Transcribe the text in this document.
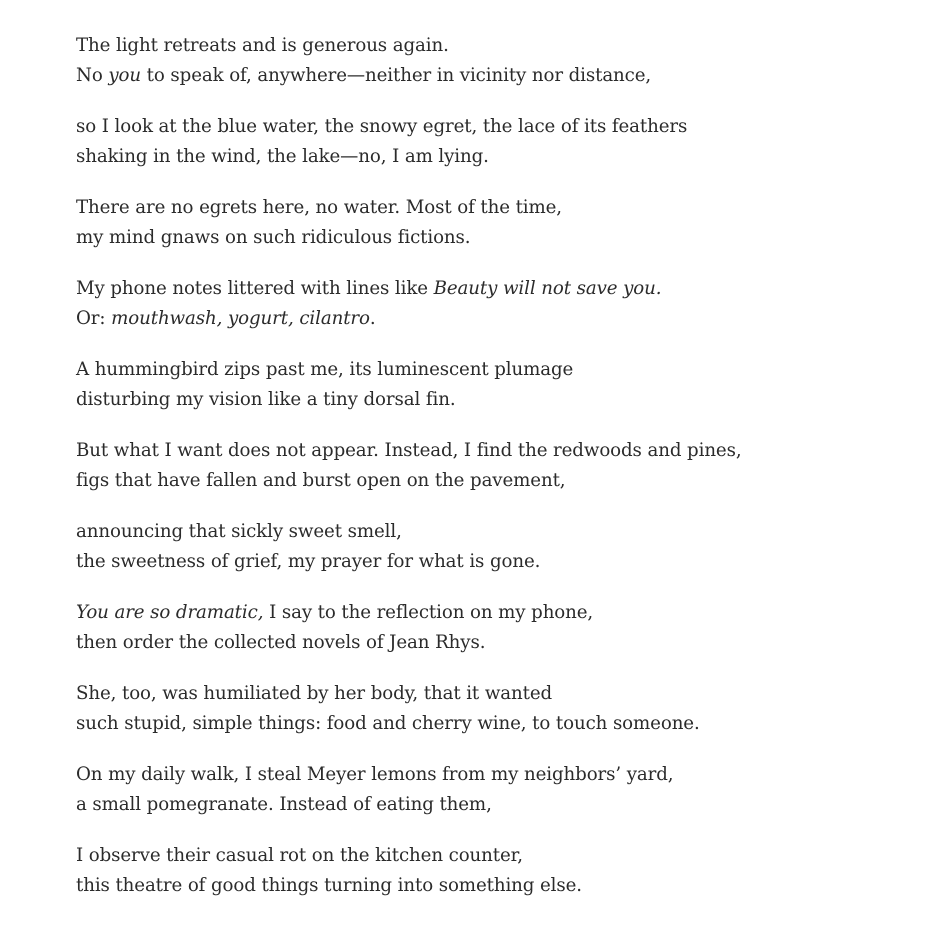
The light retreats and is generous again.
No you to speak of, anywhere—neither in vicinity nor distance,
so I look at the blue water, the snowy egret, the lace of its feathers
shaking in the wind, the lake—no, I am lying.
There are no egrets here, no water. Most of the time,
my mind gnaws on such ridiculous fictions.
My phone notes littered with lines like Beauty will not save you.
Or: mouthwash, yogurt, cilantro.
A hummingbird zips past me, its luminescent plumage
disturbing my vision like a tiny dorsal fin.
But what I want does not appear. Instead, I find the redwoods and pines,
figs that have fallen and burst open on the pavement,
announcing that sickly sweet smell,
the sweetness of grief, my prayer for what is gone.
You are so dramatic, I say to the reflection on my phone,
then order the collected novels of Jean Rhys.
She, too, was humiliated by her body, that it wanted
such stupid, simple things: food and cherry wine, to touch someone.
On my daily walk, I steal Meyer lemons from my neighbors’ yard,
a small pomegranate. Instead of eating them,
I observe their casual rot on the kitchen counter,
this theatre of good things turning into something else.
